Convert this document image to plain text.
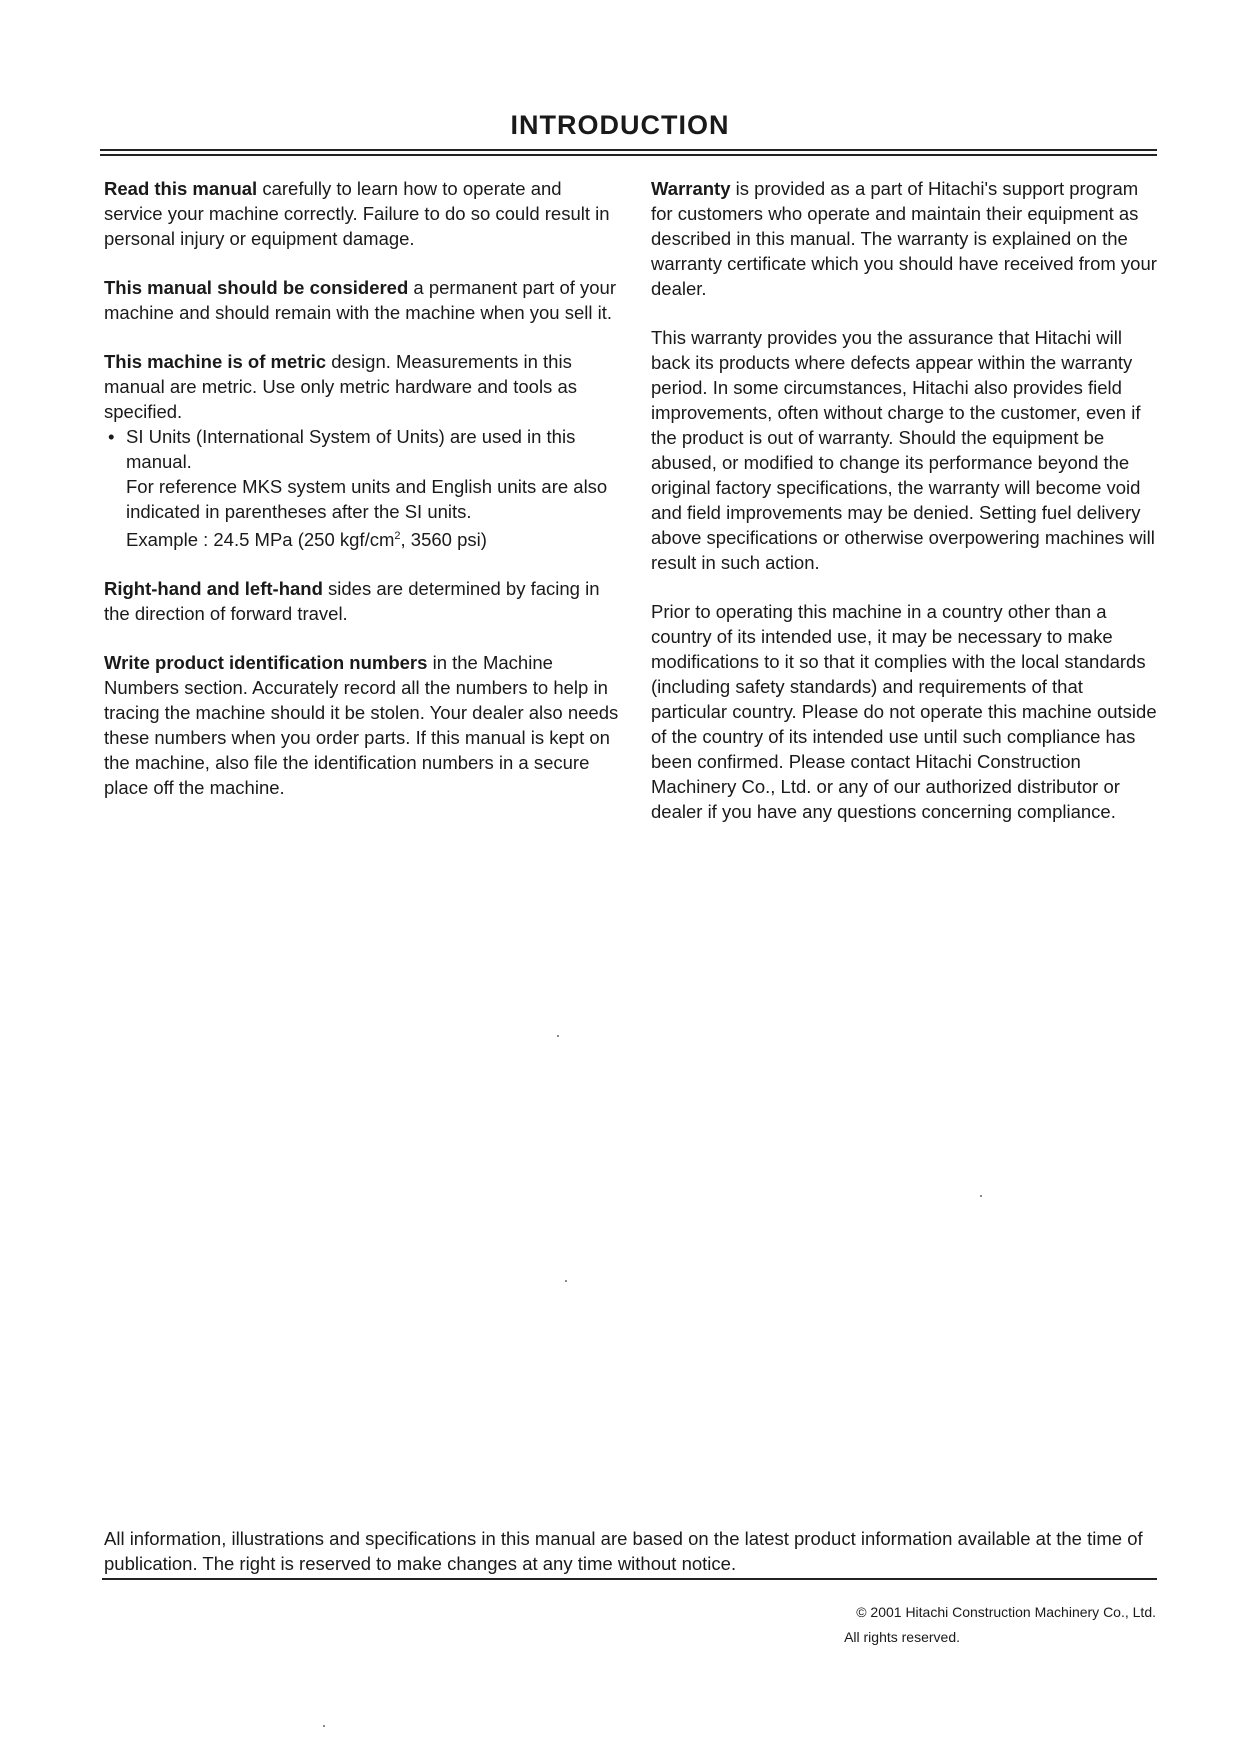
INTRODUCTION

Read this manual carefully to learn how to operate and service your machine correctly. Failure to do so could result in personal injury or equipment damage.

This manual should be considered a permanent part of your machine and should remain with the machine when you sell it.

This machine is of metric design. Measurements in this manual are metric. Use only metric hardware and tools as specified.

• SI Units (International System of Units) are used in this manual.
For reference MKS system units and English units are also indicated in parentheses after the SI units.
Example : 24.5 MPa (250 kgf/$cm^2$, 3560 psi)

Right-hand and left-hand sides are determined by facing in the direction of forward travel.

Write product identification numbers in the Machine Numbers section. Accurately record all the numbers to help in tracing the machine should it be stolen. Your dealer also needs these numbers when you order parts. If this manual is kept on the machine, also file the identification numbers in a secure place off the machine.

Warranty is provided as a part of Hitachi's support program for customers who operate and maintain their equipment as described in this manual. The warranty is explained on the warranty certificate which you should have received from your dealer.

This warranty provides you the assurance that Hitachi will back its products where defects appear within the warranty period. In some circumstances, Hitachi also provides field improvements, often without charge to the customer, even if the product is out of warranty. Should the equipment be abused, or modified to change its performance beyond the original factory specifications, the warranty will become void and field improvements may be denied. Setting fuel delivery above specifications or otherwise overpowering machines will result in such action.

Prior to operating this machine in a country other than a country of its intended use, it may be necessary to make modifications to it so that it complies with the local standards (including safety standards) and requirements of that particular country. Please do not operate this machine outside of the country of its intended use until such compliance has been confirmed. Please contact Hitachi Construction Machinery Co., Ltd. or any of our authorized distributor or dealer if you have any questions concerning compliance.

All information, illustrations and specifications in this manual are based on the latest product information available at the time of publication. The right is reserved to make changes at any time without notice.

© 2001 Hitachi Construction Machinery Co., Ltd.
All rights reserved.
